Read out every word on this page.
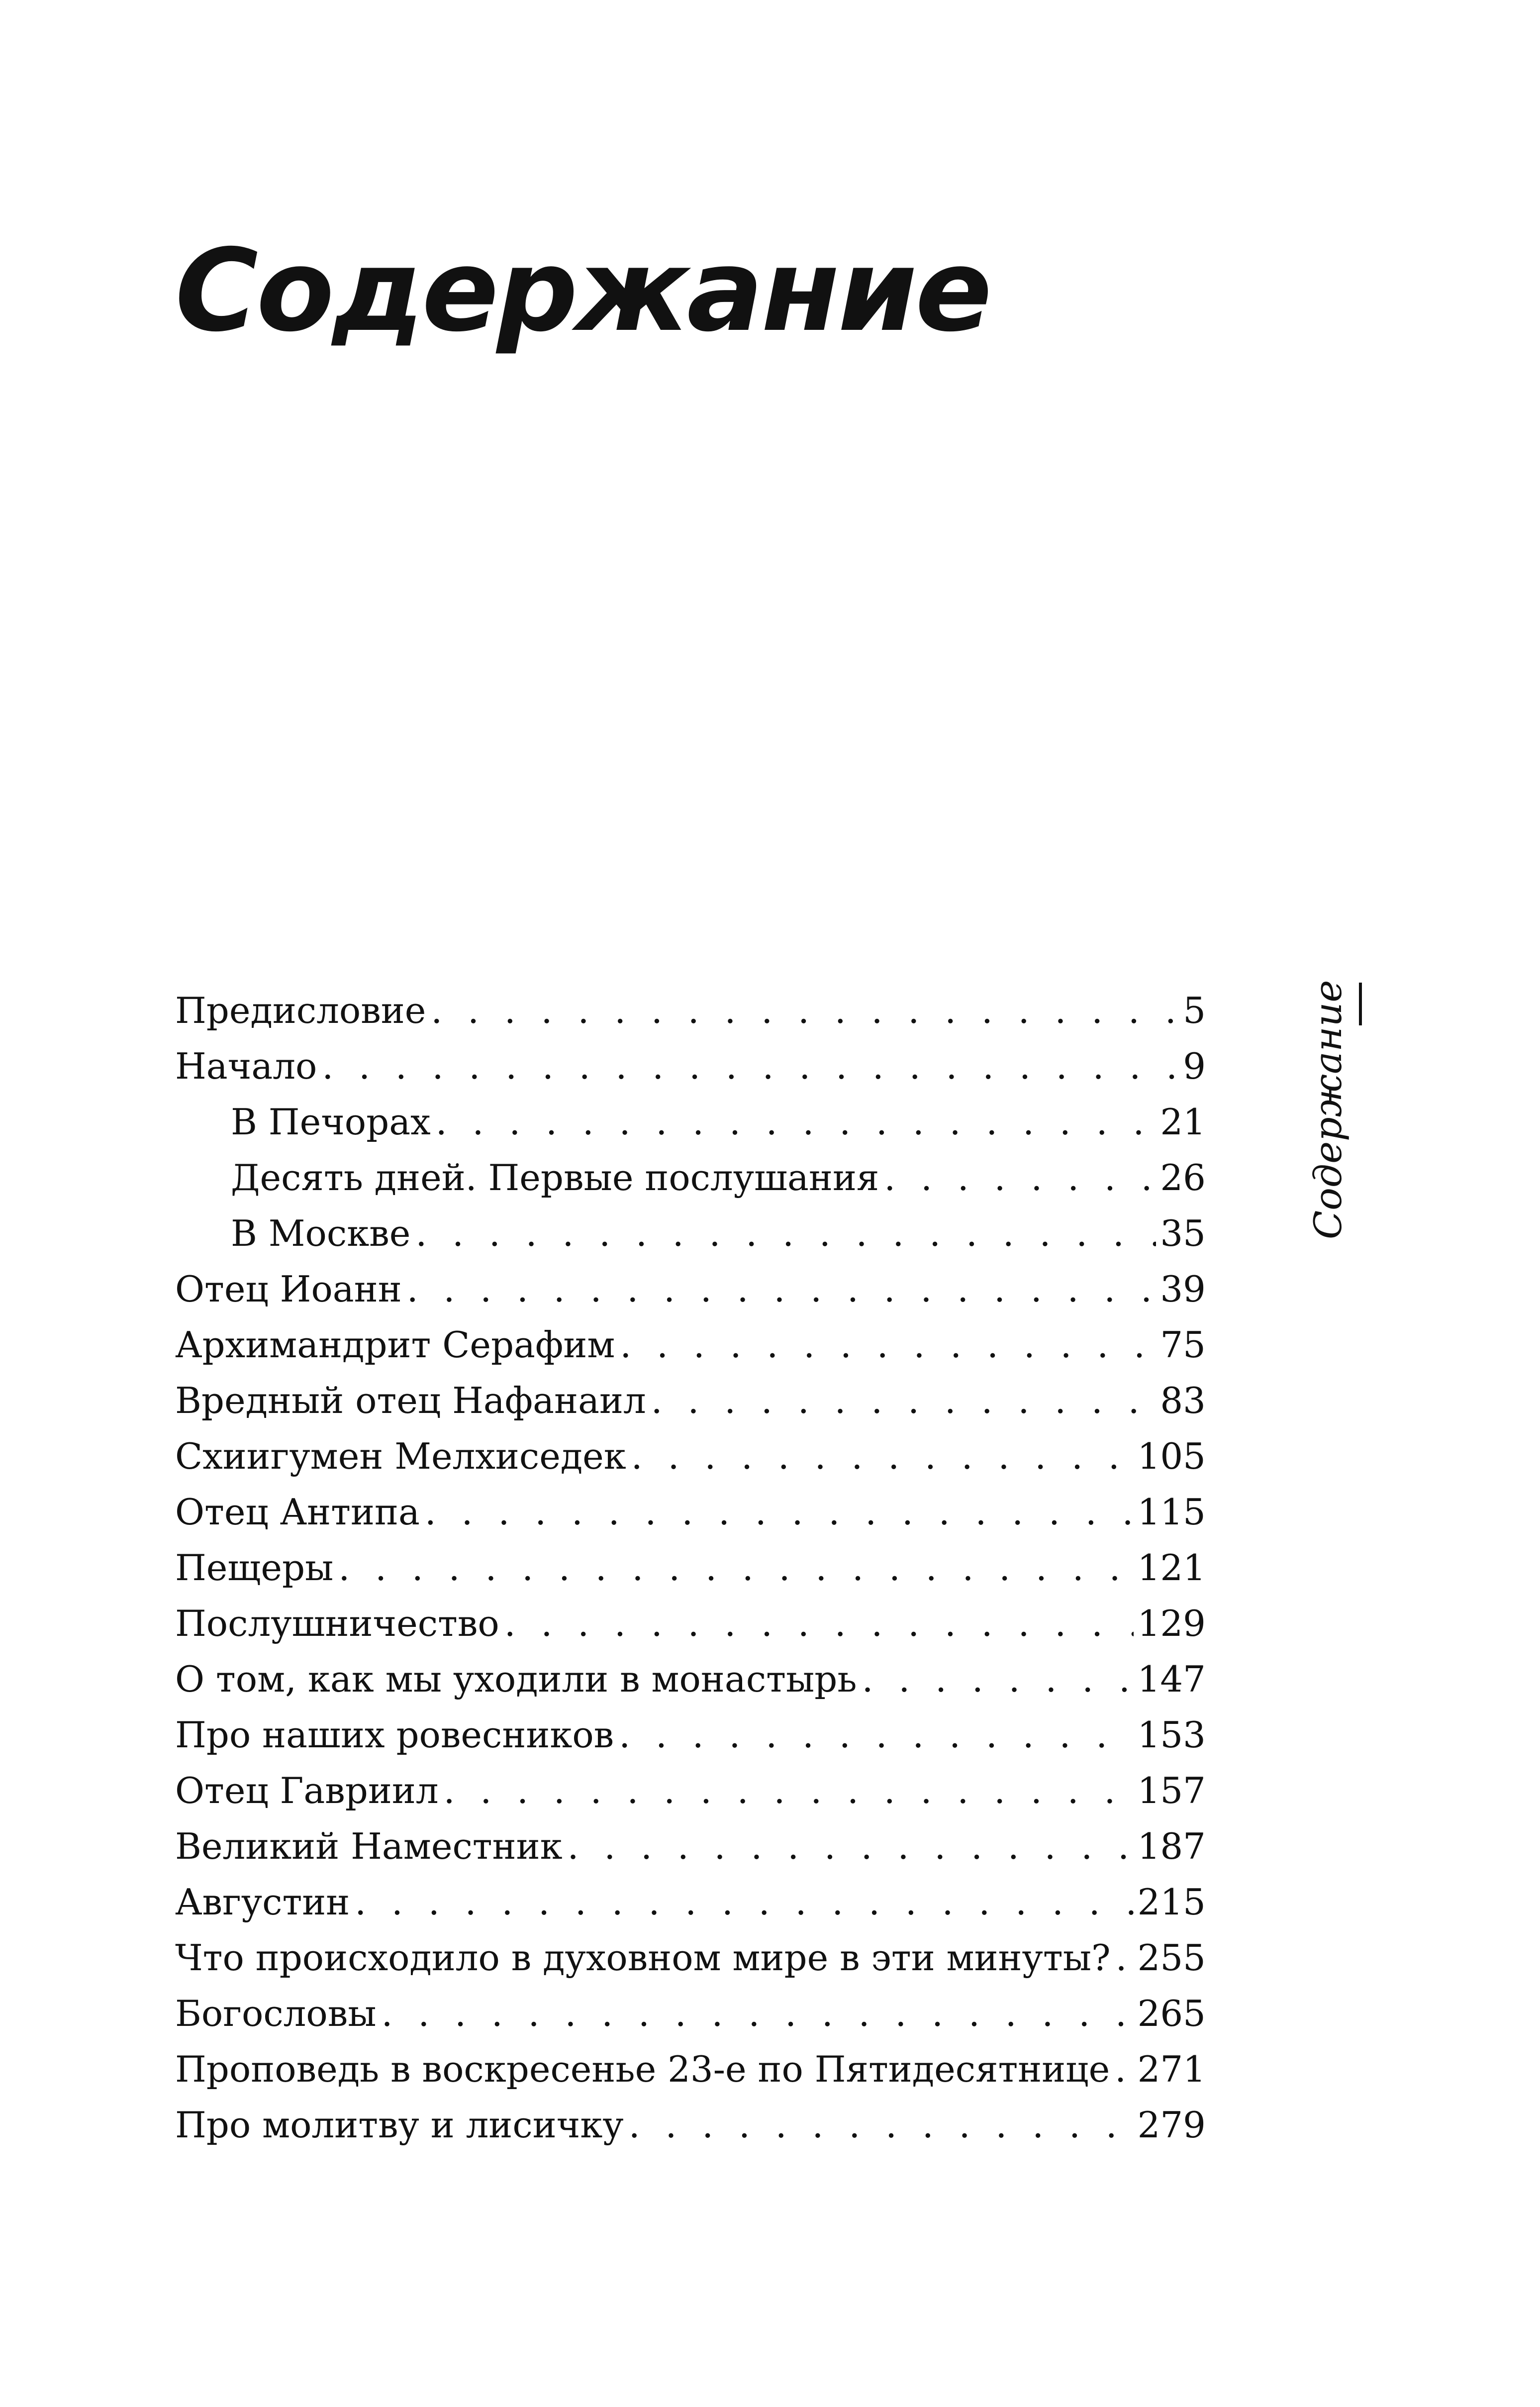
Содержание
Предисловие . . .	5
Начало . . .	9
В Печорах . . .	21
Десять дней. Первые послушания . . .	26
В Москве . . .	35
Отец Иоанн . . .	39
Архимандрит Серафим . . .	75
Вредный отец Нафанаил . . .	83
Схиигумен Мелхиседек . . .	105
Отец Антипа . . .	115
Пещеры . . .	121
Послушничество . . .	129
О том, как мы уходили в монастырь . . .	147
Про наших ровесников . . .	153
Отец Гавриил . . .	157
Великий Наместник . . .	187
Августин . . .	215
Что происходило в духовном мире в эти минуты? . . . 255
Богословы . . .	265
Проповедь в воскресенье 23-е по Пятидесятнице . . . 271
Про молитву и лисичку . . .	279
Содержание
